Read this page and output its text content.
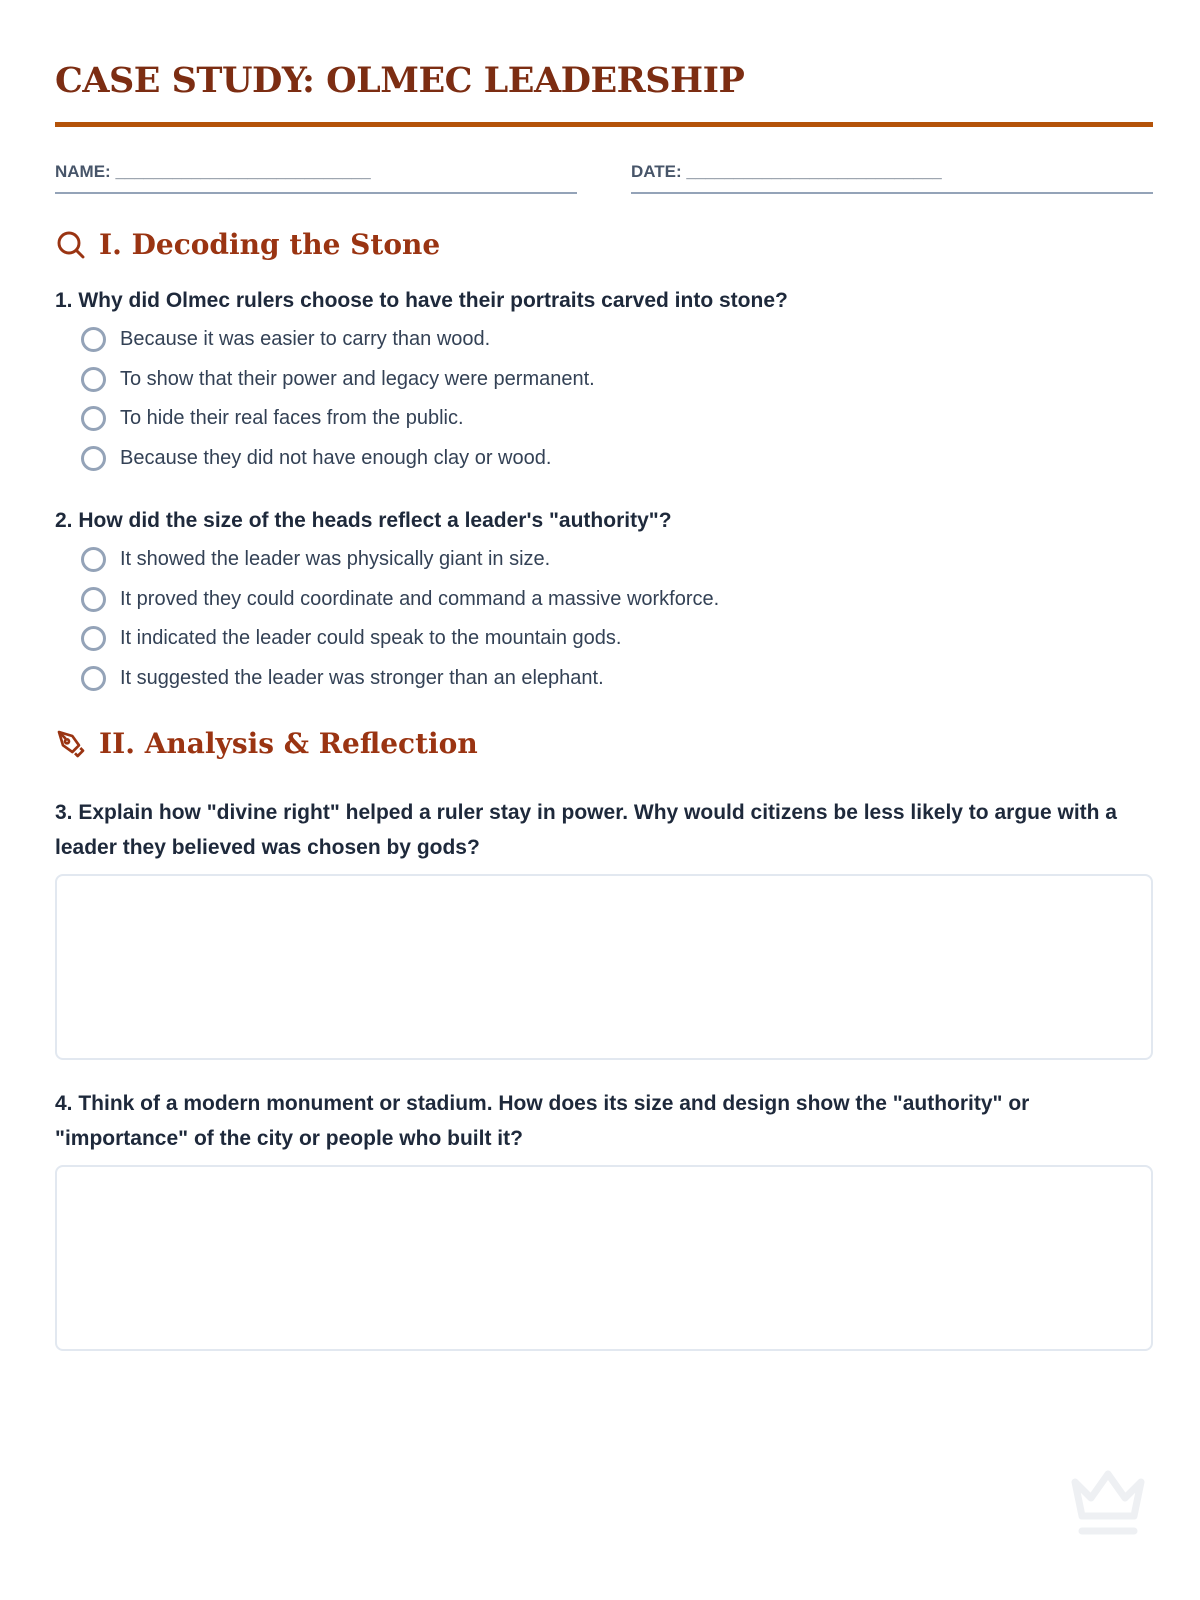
CASE STUDY: OLMEC LEADERSHIP
NAME: ___________________________	DATE: ___________________________
I. Decoding the Stone
1. Why did Olmec rulers choose to have their portraits carved into stone?
Because it was easier to carry than wood.
To show that their power and legacy were permanent.
To hide their real faces from the public.
Because they did not have enough clay or wood.
2. How did the size of the heads reflect a leader's "authority"?
It showed the leader was physically giant in size.
It proved they could coordinate and command a massive workforce.
It indicated the leader could speak to the mountain gods.
It suggested the leader was stronger than an elephant.
II. Analysis & Reflection
3. Explain how "divine right" helped a ruler stay in power. Why would citizens be less likely to argue with a leader they believed was chosen by gods?
4. Think of a modern monument or stadium. How does its size and design show the "authority" or "importance" of the city or people who built it?
